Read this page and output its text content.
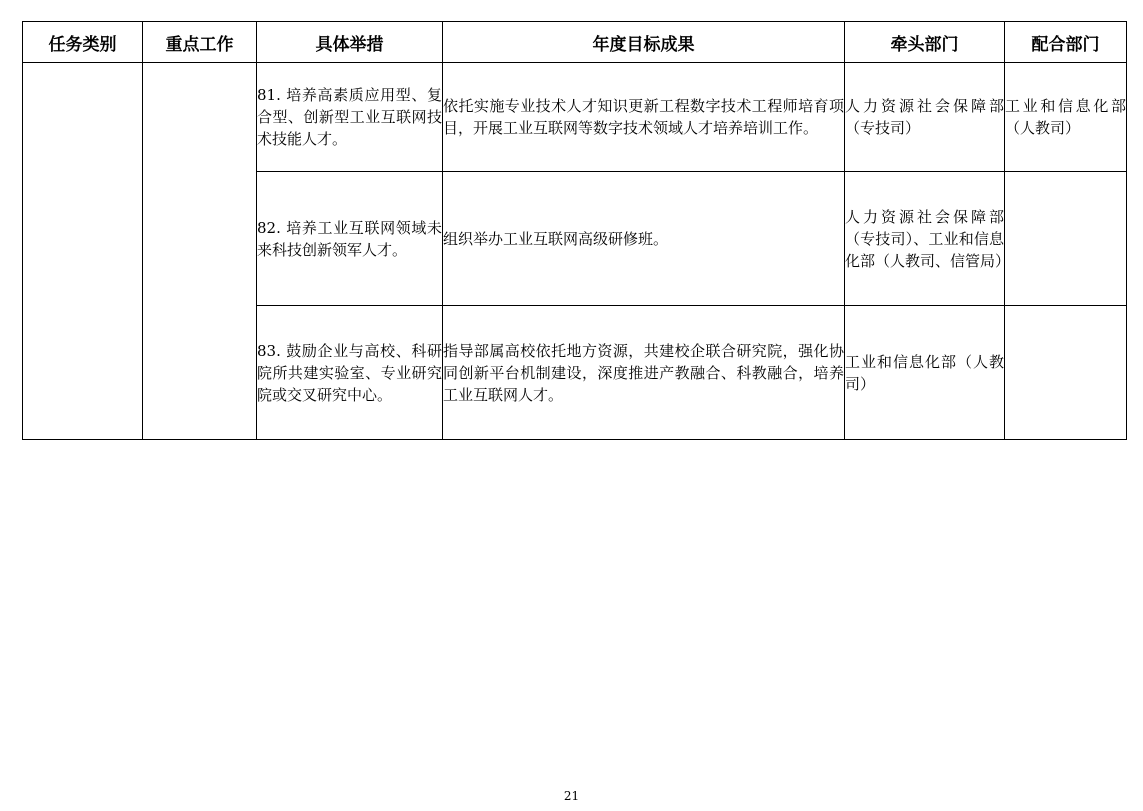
任务类别	重点工作	具体举措	年度目标成果	牵头部门	配合部门

		81. 培养高素质应用型、复合型、创新型工业互联网技术技能人才。	依托实施专业技术人才知识更新工程数字技术工程师培育项目，开展工业互联网等数字技术领域人才培养培训工作。	人力资源社会保障部（专技司）	工业和信息化部（人教司）

		82. 培养工业互联网领域未来科技创新领军人才。	组织举办工业互联网高级研修班。	人力资源社会保障部（专技司）、工业和信息化部（人教司、信管局）	

		83. 鼓励企业与高校、科研院所共建实验室、专业研究院或交叉研究中心。	指导部属高校依托地方资源，共建校企联合研究院，强化协同创新平台机制建设，深度推进产教融合、科教融合，培养工业互联网人才。	工业和信息化部（人教司）	

21
